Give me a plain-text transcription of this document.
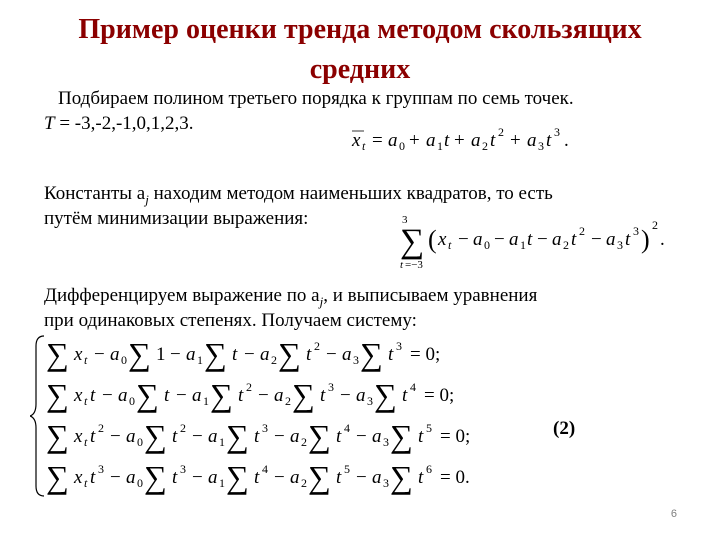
Пример оценки тренда методом скользящих
средних
Подбираем полином третьего порядка к группам по семь точек.
T = -3,-2,-1,0,1,2,3.
x t = a 0 + a 1 t + a 2 t 2 + a 3 t 3 .
Константы $a_j$ находим методом наименьших квадратов, то есть
путём минимизации выражения:	3
∑
t =−3
( x t − a 0 − a 1 t − a 2 t 2 − a 3 t 3 ) 2
.
Дифференцируем выражение по $a_j$, и выписываем уравнения
при одинаковых степенях. Получаем систему:
∑ x t − a 0 ∑ 1 − a 1 ∑ t − a 2 ∑ t 2 − a 3 ∑ t 3 = 0;
∑ x t t − a 0 ∑ t − a 1 ∑ t 2 − a 2 ∑ t 3 − a 3 ∑ t 4 = 0;
∑ x t t 2 − a 0 ∑ t 2 − a 1 ∑ t 3 − a 2 ∑ t 4 − a 3 ∑ t 5 = 0;
∑ x t t 3 − a 0 ∑ t 3 − a 1 ∑ t 4 − a 2 ∑ t 5 − a 3 ∑ t 6 = 0.
(2)
6
